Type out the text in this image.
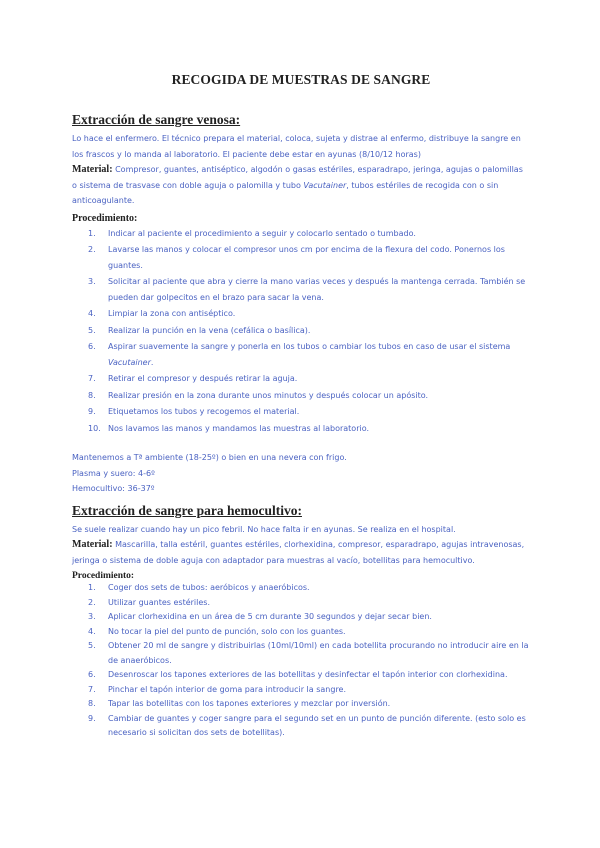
RECOGIDA DE MUESTRAS DE SANGRE
Extracción de sangre venosa:

Lo hace el enfermero. El técnico prepara el material, coloca, sujeta y distrae al enfermo, distribuye la sangre en los frascos y lo manda al laboratorio. El paciente debe estar en ayunas (8/10/12 horas)

Material: Compresor, guantes, antiséptico, algodón o gasas estériles, esparadrapo, jeringa, agujas o palomillas o sistema de trasvase con doble aguja o palomilla y tubo Vacutainer, tubos estériles de recogida con o sin anticoagulante.

Procedimiento:
1. Indicar al paciente el procedimiento a seguir y colocarlo sentado o tumbado.
2. Lavarse las manos y colocar el compresor unos cm por encima de la flexura del codo. Ponernos los guantes.
3. Solicitar al paciente que abra y cierre la mano varias veces y después la mantenga cerrada. También se pueden dar golpecitos en el brazo para sacar la vena.
4. Limpiar la zona con antiséptico.
5. Realizar la punción en la vena (cefálica o basílica).
6. Aspirar suavemente la sangre y ponerla en los tubos o cambiar los tubos en caso de usar el sistema Vacutainer.
7. Retirar el compresor y después retirar la aguja.
8. Realizar presión en la zona durante unos minutos y después colocar un apósito.
9. Etiquetamos los tubos y recogemos el material.
10. Nos lavamos las manos y mandamos las muestras al laboratorio.

Mantenemos a Tª ambiente (18-25º) o bien en una nevera con frigo.

Plasma y suero: 4-6º

Hemocultivo: 36-37º

Extracción de sangre para hemocultivo:

Se suele realizar cuando hay un pico febril. No hace falta ir en ayunas. Se realiza en el hospital.

Material: Mascarilla, talla estéril, guantes estériles, clorhexidina, compresor, esparadrapo, agujas intravenosas, jeringa o sistema de doble aguja con adaptador para muestras al vacío, botellitas para hemocultivo.

Procedimiento:
1. Coger dos sets de tubos: aeróbicos y anaeróbicos.
2. Utilizar guantes estériles.
3. Aplicar clorhexidina en un área de 5 cm durante 30 segundos y dejar secar bien.
4. No tocar la piel del punto de punción, solo con los guantes.
5. Obtener 20 ml de sangre y distribuirlas (10ml/10ml) en cada botellita procurando no introducir aire en la de anaeróbicos.
6. Desenroscar los tapones exteriores de las botellitas y desinfectar el tapón interior con clorhexidina.
7. Pinchar el tapón interior de goma para introducir la sangre.
8. Tapar las botellitas con los tapones exteriores y mezclar por inversión.
9. Cambiar de guantes y coger sangre para el segundo set en un punto de punción diferente. (esto solo es necesario si solicitan dos sets de botellitas).
